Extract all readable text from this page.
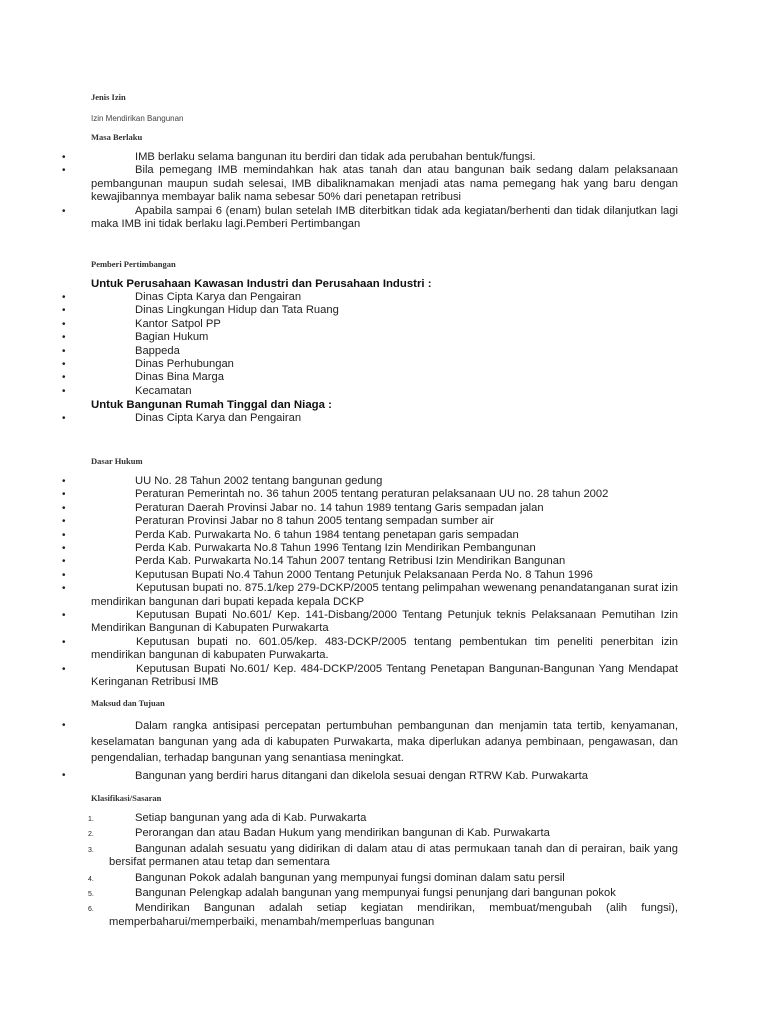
Jenis Izin

Izin Mendirikan Bangunan

Masa Berlaku

•	IMB berlaku selama bangunan itu berdiri dan tidak ada perubahan bentuk/fungsi.
•	Bila pemegang IMB memindahkan hak atas tanah dan atau bangunan baik sedang dalam pelaksanaan pembangunan maupun sudah selesai, IMB dibaliknamakan menjadi atas nama pemegang hak yang baru dengan kewajibannya membayar balik nama sebesar 50% dari penetapan retribusi
•	Apabila sampai 6 (enam) bulan setelah IMB diterbitkan tidak ada kegiatan/berhenti dan tidak dilanjutkan lagi maka IMB ini tidak berlaku lagi.Pemberi Pertimbangan

Pemberi Pertimbangan

Untuk Perusahaan Kawasan Industri dan Perusahaan Industri :

•	Dinas Cipta Karya dan Pengairan
•	Dinas Lingkungan Hidup dan Tata Ruang
•	Kantor Satpol PP
•	Bagian Hukum
•	Bappeda
•	Dinas Perhubungan
•	Dinas Bina Marga
•	Kecamatan

Untuk Bangunan Rumah Tinggal dan Niaga :

•	Dinas Cipta Karya dan Pengairan

Dasar Hukum

•	UU No. 28 Tahun 2002 tentang bangunan gedung
•	Peraturan Pemerintah no. 36 tahun 2005 tentang peraturan pelaksanaan UU no. 28 tahun 2002
•	Peraturan Daerah Provinsi Jabar no. 14 tahun 1989 tentang Garis sempadan jalan
•	Peraturan Provinsi Jabar no 8 tahun 2005 tentang sempadan sumber air
•	Perda Kab. Purwakarta No. 6 tahun 1984 tentang penetapan garis sempadan
•	Perda Kab. Purwakarta No.8 Tahun 1996 Tentang Izin Mendirikan Pembangunan
•	Perda Kab. Purwakarta No.14 Tahun 2007 tentang Retribusi Izin Mendirikan Bangunan
•	Keputusan Bupati No.4 Tahun 2000 Tentang Petunjuk Pelaksanaan Perda No. 8 Tahun 1996
•	Keputusan bupati no. 875.1/kep 279-DCKP/2005 tentang pelimpahan wewenang penandatanganan surat izin mendirikan bangunan dari bupati kepada kepala DCKP
•	Keputusan Bupati No.601/ Kep. 141-Disbang/2000 Tentang Petunjuk teknis Pelaksanaan Pemutihan Izin Mendirikan Bangunan di Kabupaten Purwakarta
•	Keputusan bupati no. 601.05/kep. 483-DCKP/2005 tentang pembentukan tim peneliti penerbitan izin mendirikan bangunan di kabupaten Purwakarta.
•	Keputusan Bupati No.601/ Kep. 484-DCKP/2005 Tentang Penetapan Bangunan-Bangunan Yang Mendapat Keringanan Retribusi IMB

Maksud dan Tujuan

•	Dalam rangka antisipasi percepatan pertumbuhan pembangunan dan menjamin tata tertib, kenyamanan, keselamatan bangunan yang ada di kabupaten Purwakarta, maka diperlukan adanya pembinaan, pengawasan, dan pengendalian, terhadap bangunan yang senantiasa meningkat.
•	Bangunan yang berdiri harus ditangani dan dikelola sesuai dengan RTRW Kab. Purwakarta

Klasifikasi/Sasaran

1.	Setiap bangunan yang ada di Kab. Purwakarta
2.	Perorangan dan atau Badan Hukum yang mendirikan bangunan di Kab. Purwakarta
3.	Bangunan adalah sesuatu yang didirikan di dalam atau di atas permukaan tanah dan di perairan, baik yang bersifat permanen atau tetap dan sementara
4.	Bangunan Pokok adalah bangunan yang mempunyai fungsi dominan dalam satu persil
5.	Bangunan Pelengkap adalah bangunan yang mempunyai fungsi penunjang dari bangunan pokok
6.	Mendirikan Bangunan adalah setiap kegiatan mendirikan, membuat/mengubah (alih fungsi), memperbaharui/memperbaiki, menambah/memperluas bangunan
